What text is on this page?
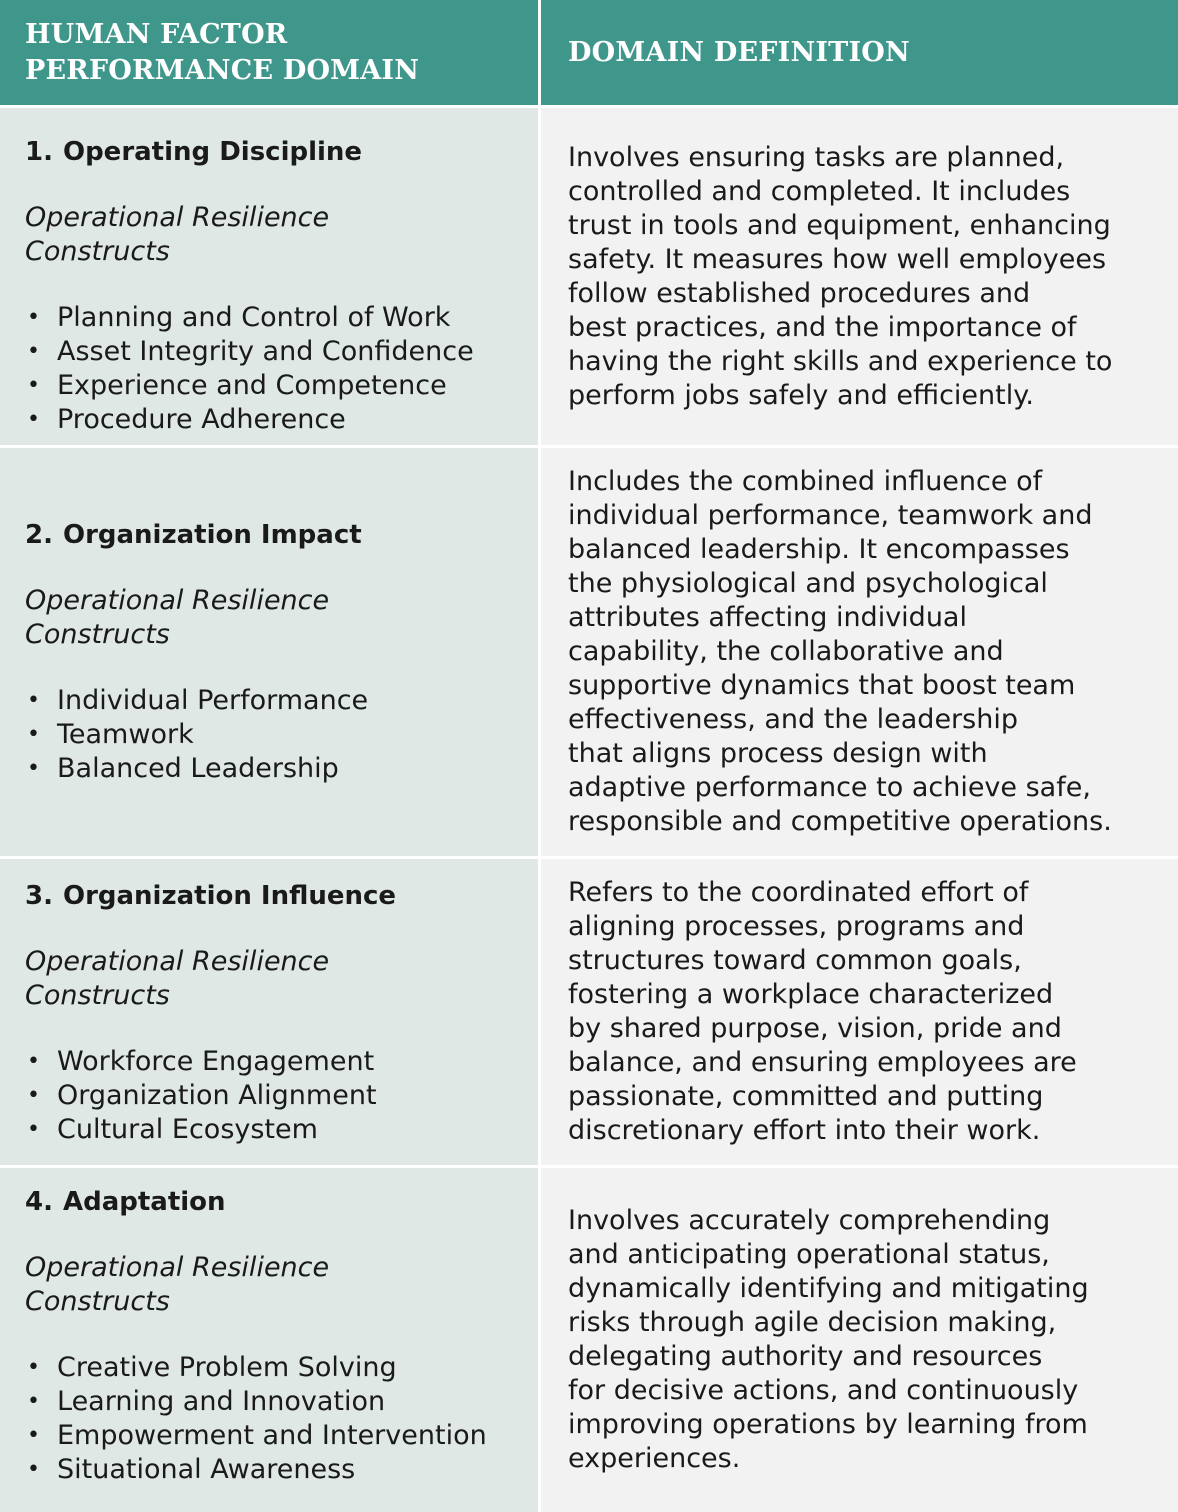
HUMAN FACTOR
PERFORMANCE DOMAIN
DOMAIN DEFINITION

1. Operating Discipline

Operational Resilience
Constructs
• Planning and Control of Work
• Asset Integrity and Confidence
• Experience and Competence
• Procedure Adherence

Involves ensuring tasks are planned,
controlled and completed. It includes
trust in tools and equipment, enhancing
safety. It measures how well employees
follow established procedures and
best practices, and the importance of
having the right skills and experience to
perform jobs safely and efficiently.

2. Organization Impact

Operational Resilience
Constructs
• Individual Performance
• Teamwork
• Balanced Leadership

Includes the combined influence of
individual performance, teamwork and
balanced leadership. It encompasses
the physiological and psychological
attributes affecting individual
capability, the collaborative and
supportive dynamics that boost team
effectiveness, and the leadership
that aligns process design with
adaptive performance to achieve safe,
responsible and competitive operations.

3. Organization Influence

Operational Resilience
Constructs
• Workforce Engagement
• Organization Alignment
• Cultural Ecosystem

Refers to the coordinated effort of
aligning processes, programs and
structures toward common goals,
fostering a workplace characterized
by shared purpose, vision, pride and
balance, and ensuring employees are
passionate, committed and putting
discretionary effort into their work.

4. Adaptation

Operational Resilience
Constructs
• Creative Problem Solving
• Learning and Innovation
• Empowerment and Intervention
• Situational Awareness

Involves accurately comprehending
and anticipating operational status,
dynamically identifying and mitigating
risks through agile decision making,
delegating authority and resources
for decisive actions, and continuously
improving operations by learning from
experiences.
